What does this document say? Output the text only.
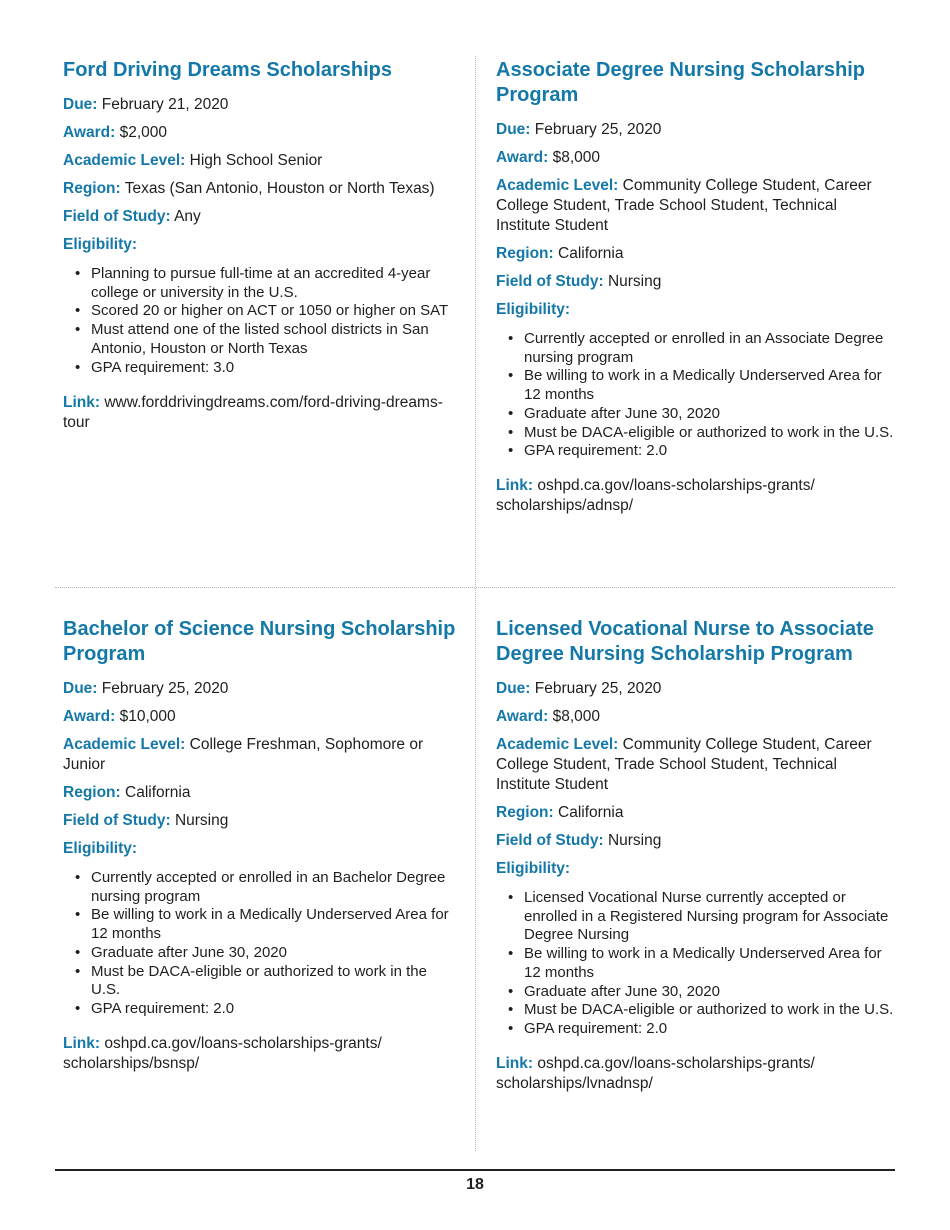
Ford Driving Dreams Scholarships

Due: February 21, 2020

Award: $2,000

Academic Level: High School Senior

Region: Texas (San Antonio, Houston or North Texas)

Field of Study: Any

Eligibility:

• Planning to pursue full-time at an accredited 4-year college or university in the U.S.
• Scored 20 or higher on ACT or 1050 or higher on SAT
• Must attend one of the listed school districts in San Antonio, Houston or North Texas
• GPA requirement: 3.0

Link: www.forddrivingdreams.com/ford-driving-dreams-tour

Associate Degree Nursing Scholarship Program

Due: February 25, 2020

Award: $8,000

Academic Level: Community College Student, Career College Student, Trade School Student, Technical Institute Student

Region: California

Field of Study: Nursing

Eligibility:

• Currently accepted or enrolled in an Associate Degree nursing program
• Be willing to work in a Medically Underserved Area for 12 months
• Graduate after June 30, 2020
• Must be DACA-eligible or authorized to work in the U.S.
• GPA requirement: 2.0

Link: oshpd.ca.gov/loans-scholarships-grants/ scholarships/adnsp/

Bachelor of Science Nursing Scholarship Program

Due: February 25, 2020

Award: $10,000

Academic Level: College Freshman, Sophomore or Junior

Region: California

Field of Study: Nursing

Eligibility:

• Currently accepted or enrolled in an Bachelor Degree nursing program
• Be willing to work in a Medically Underserved Area for 12 months
• Graduate after June 30, 2020
• Must be DACA-eligible or authorized to work in the U.S.
• GPA requirement: 2.0

Link: oshpd.ca.gov/loans-scholarships-grants/ scholarships/bsnsp/

Licensed Vocational Nurse to Associate Degree Nursing Scholarship Program

Due: February 25, 2020

Award: $8,000

Academic Level: Community College Student, Career College Student, Trade School Student, Technical Institute Student

Region: California

Field of Study: Nursing

Eligibility:

• Licensed Vocational Nurse currently accepted or enrolled in a Registered Nursing program for Associate Degree Nursing
• Be willing to work in a Medically Underserved Area for 12 months
• Graduate after June 30, 2020
• Must be DACA-eligible or authorized to work in the U.S.
• GPA requirement: 2.0

Link: oshpd.ca.gov/loans-scholarships-grants/ scholarships/lvnadnsp/

18
